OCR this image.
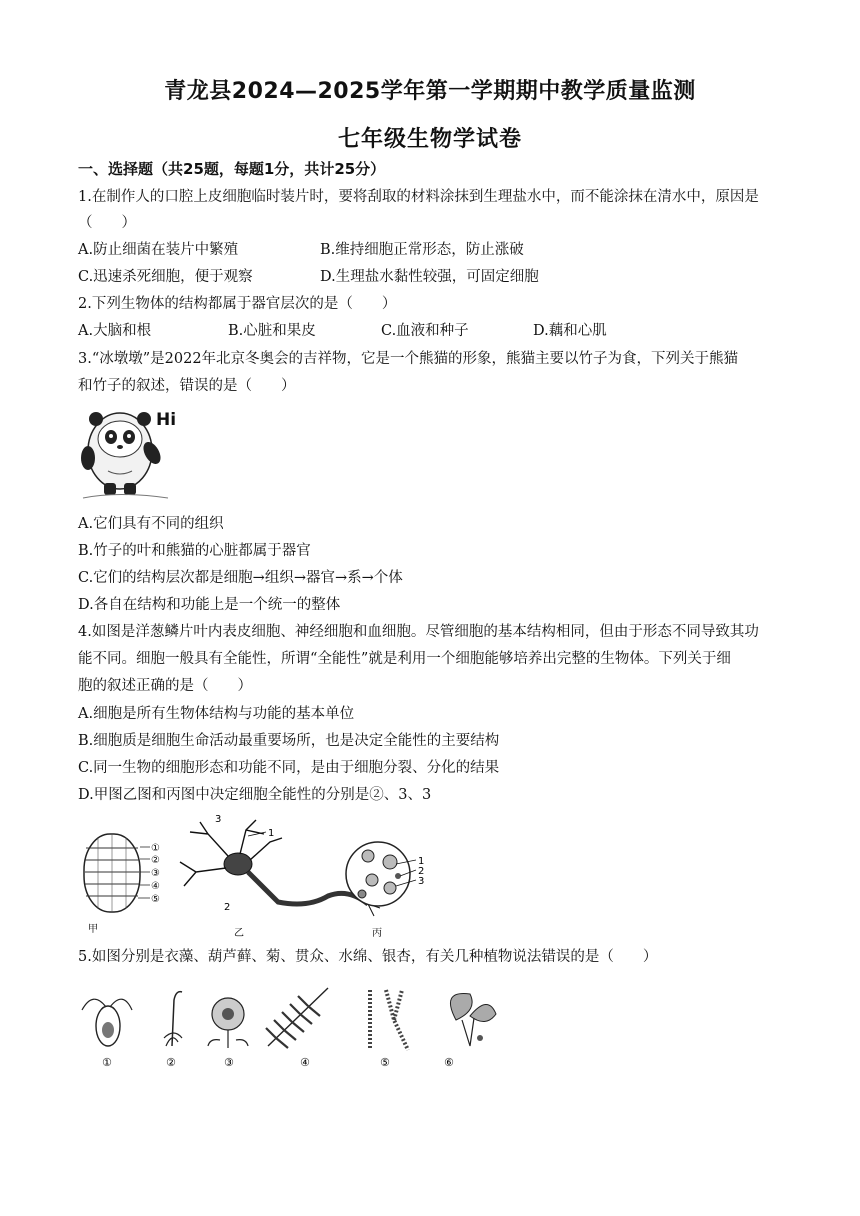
青龙县2024—2025学年第一学期期中教学质量监测
七年级生物学试卷
一、选择题（共25题，每题1分，共计25分）
1.在制作人的口腔上皮细胞临时装片时，要将刮取的材料涂抹到生理盐水中，而不能涂抹在清水中，原因是
（　　）
A.防止细菌在装片中繁殖	B.维持细胞正常形态，防止涨破
C.迅速杀死细胞，便于观察	D.生理盐水黏性较强，可固定细胞
2.下列生物体的结构都属于器官层次的是（　　）
A.大脑和根	B.心脏和果皮	C.血液和种子	D.藕和心肌
3.“冰墩墩”是2022年北京冬奥会的吉祥物，它是一个熊猫的形象，熊猫主要以竹子为食，下列关于熊猫
和竹子的叙述，错误的是（　　）
Hi
A.它们具有不同的组织
B.竹子的叶和熊猫的心脏都属于器官
C.它们的结构层次都是细胞→组织→器官→系→个体
D.各自在结构和功能上是一个统一的整体
4.如图是洋葱鳞片叶内表皮细胞、神经细胞和血细胞。尽管细胞的基本结构相同，但由于形态不同导致其功
能不同。细胞一般具有全能性，所谓“全能性”就是利用一个细胞能够培养出完整的生物体。下列关于细
胞的叙述正确的是（　　）
A.细胞是所有生物体结构与功能的基本单位
B.细胞质是细胞生命活动最重要场所，也是决定全能性的主要结构
C.同一生物的细胞形态和功能不同，是由于细胞分裂、分化的结果
D.甲图乙图和丙图中决定细胞全能性的分别是②、3、3
①
②
③
④
⑤
甲
1
3
2
乙
1
2
3
丙
5.如图分别是衣藻、葫芦藓、菊、贯众、水绵、银杏，有关几种植物说法错误的是（　　）
①	②	③	④	⑤	⑥
